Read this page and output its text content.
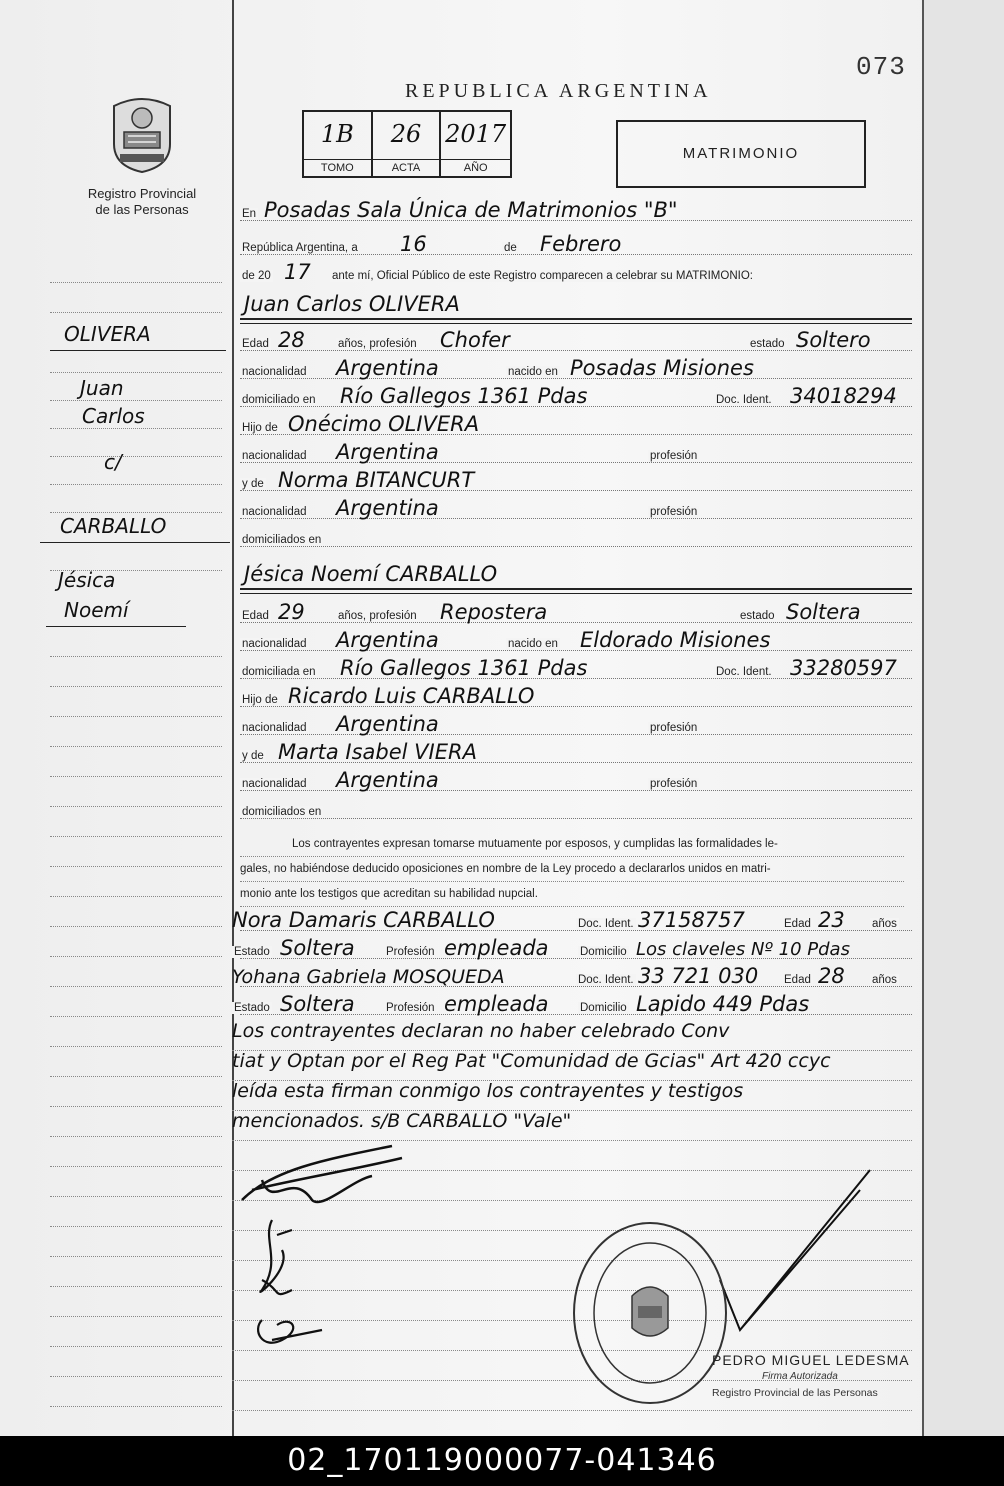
073
Registro Provincial
de las Personas
REPUBLICA ARGENTINA
1B
TOMO
26
ACTA
2017
AÑO
MATRIMONIO
En Posadas Sala Única de Matrimonios "B"
República Argentina, a 16	de Febrero
de 20 17 ante mí, Oficial Público de este Registro comparecen a celebrar su MATRIMONIO:
Juan Carlos OLIVERA
Edad 28	años, profesión Chofer	estado Soltero
nacionalidad Argentina	nacido en Posadas Misiones
domiciliado en Río Gallegos 1361 Pdas	Doc. Ident. 34018294
Hijo de Onécimo OLIVERA
nacionalidad Argentina	profesión
y de Norma BITANCURT
nacionalidad Argentina	profesión
domiciliados en
Jésica Noemí CARBALLO
Edad 29	años, profesión Repostera	estado Soltera
nacionalidad Argentina	nacido en Eldorado Misiones
domiciliada en Río Gallegos 1361 Pdas	Doc. Ident. 33280597
Hijo de Ricardo Luis CARBALLO
nacionalidad Argentina	profesión
y de Marta Isabel VIERA
nacionalidad Argentina	profesión
domiciliados en
Los contrayentes expresan tomarse mutuamente por esposos, y cumplidas las formalidades le-
gales, no habiéndose deducido oposiciones en nombre de la Ley procedo a declararlos unidos en matri-
monio ante los testigos que acreditan su habilidad nupcial.
Nora Damaris CARBALLO	Doc. Ident. 37158757	Edad 23 años
Estado Soltera	Profesión empleada	Domicilio Los claveles Nº 10 Pdas
Yohana Gabriela MOSQUEDA	Doc. Ident. 33 721 030 Edad 28 años
Estado Soltera	Profesión empleada	Domicilio Lapido 449 Pdas
Los contrayentes declaran no haber celebrado Conv
tiat y Optan por el Reg Pat "Comunidad de Gcias" Art 420 ccyc
leída esta firman conmigo los contrayentes y testigos
mencionados. s/B CARBALLO "Vale"
OLIVERA
Juan
Carlos
c/
CARBALLO
Jésica
Noemí
PEDRO MIGUEL LEDESMA
Firma Autorizada
Registro Provincial de las Personas
02_170119000077-041346
